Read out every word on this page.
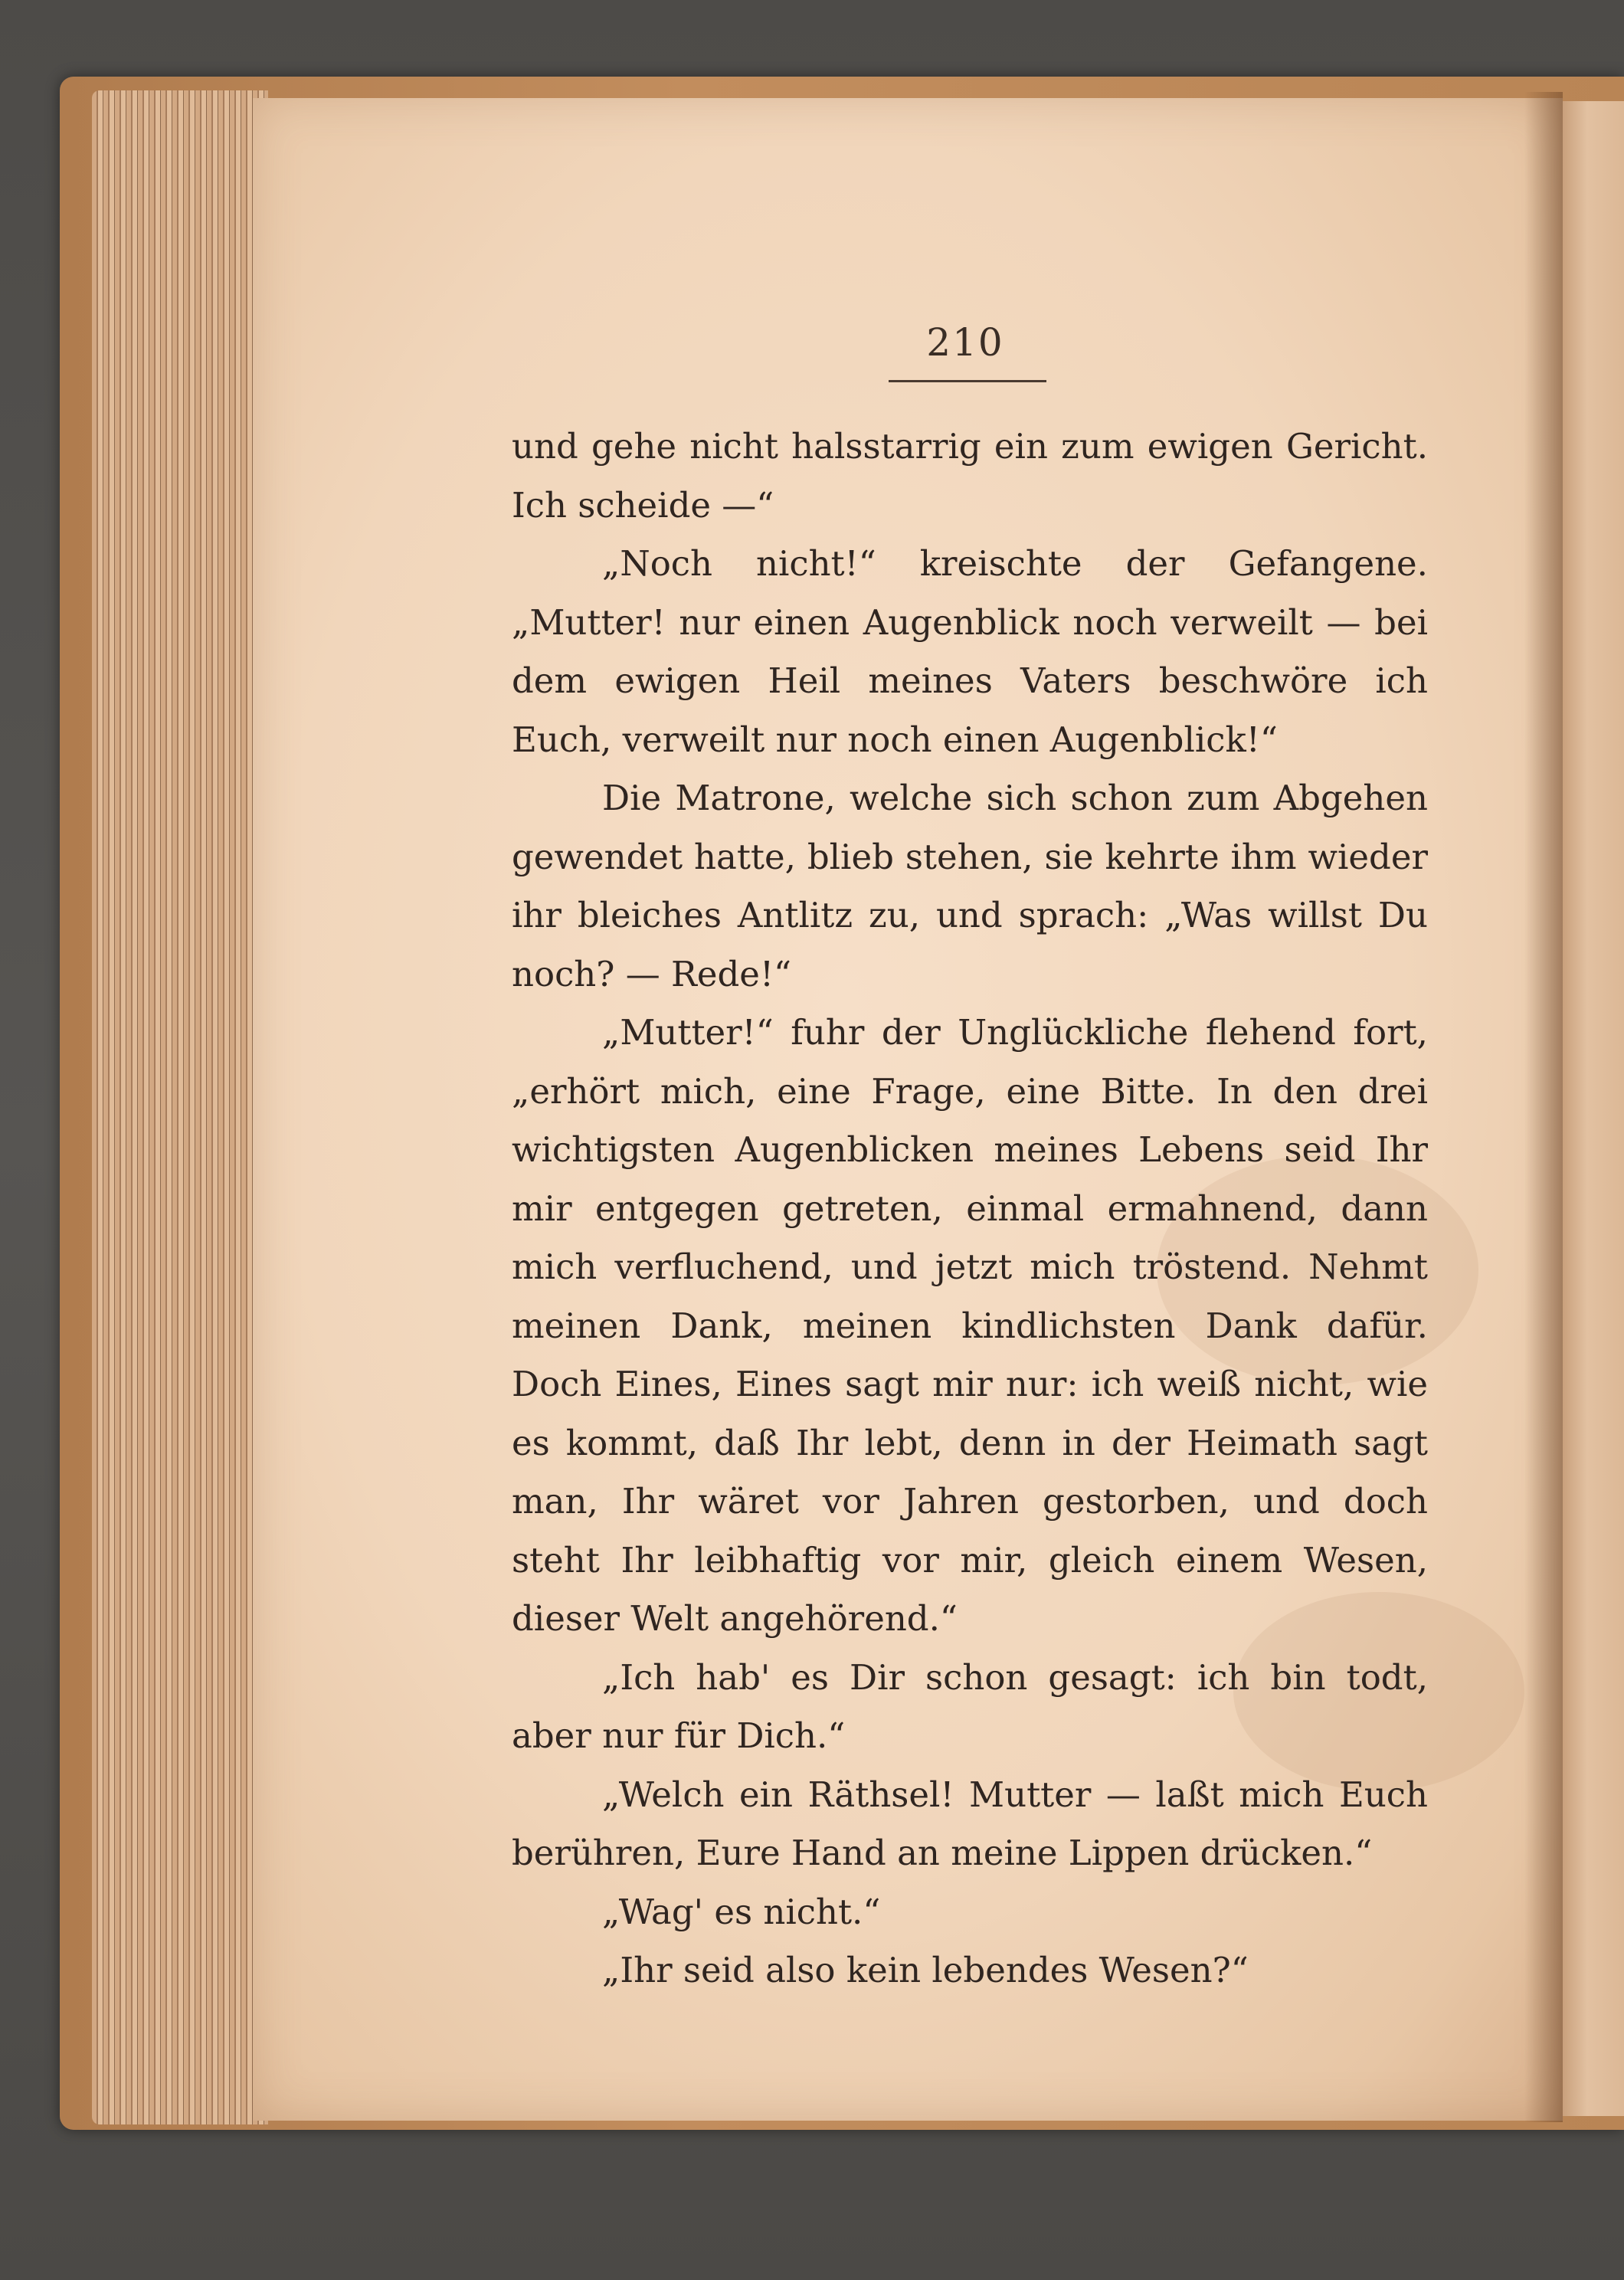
210

und gehe nicht halsstarrig ein zum ewigen Gericht. Ich scheide —“

„Noch nicht!“ kreischte der Gefangene. „Mutter! nur einen Augenblick noch verweilt — bei dem ewigen Heil meines Vaters beschwöre ich Euch, verweilt nur noch einen Augenblick!“

Die Matrone, welche sich schon zum Abgehen gewendet hatte, blieb stehen, sie kehrte ihm wieder ihr bleiches Antlitz zu, und sprach: „Was willst Du noch? — Rede!“

„Mutter!“ fuhr der Unglückliche flehend fort, „erhört mich, eine Frage, eine Bitte. In den drei wichtigsten Augenblicken meines Lebens seid Ihr mir entgegen getreten, einmal ermahnend, dann mich verfluchend, und jetzt mich tröstend. Nehmt meinen Dank, meinen kindlichsten Dank dafür. Doch Eines, Eines sagt mir nur: ich weiß nicht, wie es kommt, daß Ihr lebt, denn in der Heimath sagt man, Ihr wäret vor Jahren gestorben, und doch steht Ihr leibhaftig vor mir, gleich einem Wesen, dieser Welt angehörend.“

„Ich hab' es Dir schon gesagt: ich bin todt, aber nur für Dich.“

„Welch ein Räthsel! Mutter — laßt mich Euch berühren, Eure Hand an meine Lippen drücken.“

„Wag' es nicht.“

„Ihr seid also kein lebendes Wesen?“
